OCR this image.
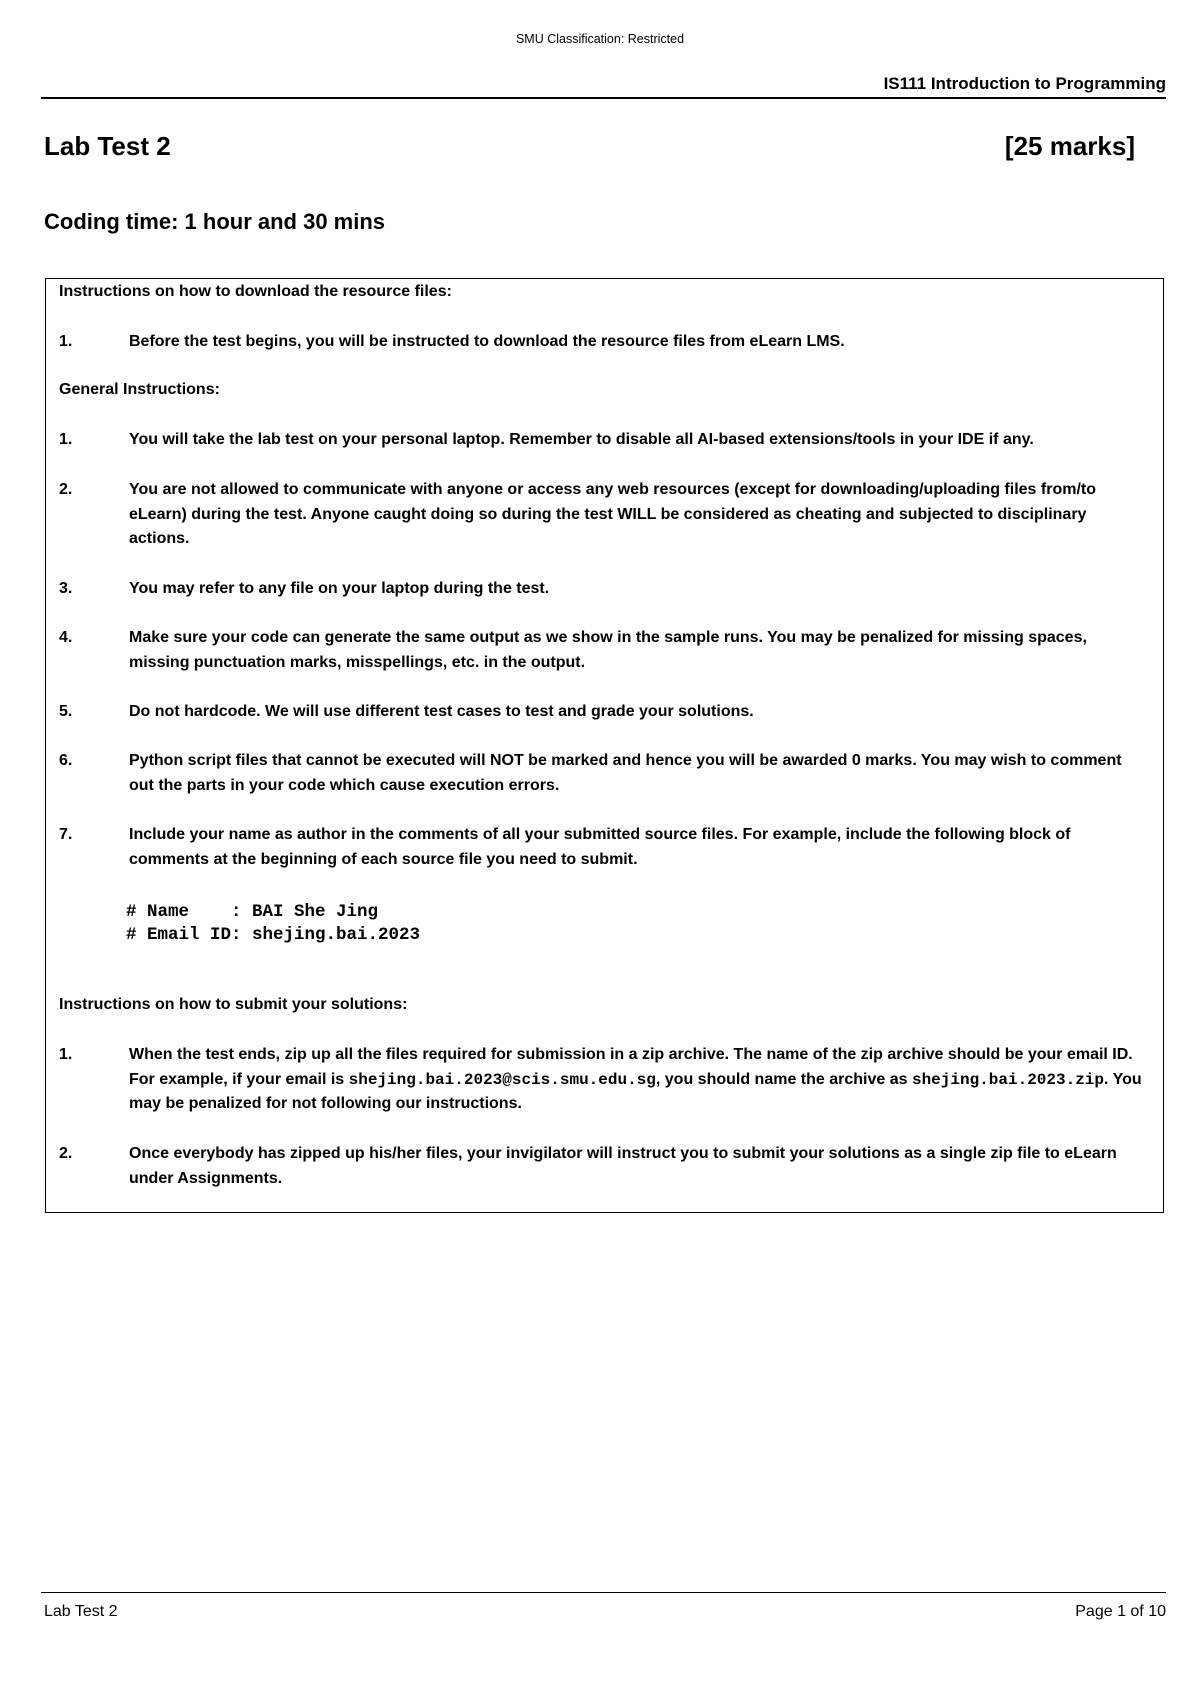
SMU Classification: Restricted
IS111 Introduction to Programming
Lab Test 2	[25 marks]
Coding time: 1 hour and 30 mins
Instructions on how to download the resource files:
1.	Before the test begins, you will be instructed to download the resource files from eLearn LMS.
General Instructions:
1.	You will take the lab test on your personal laptop. Remember to disable all AI-based extensions/tools in your IDE if any.
2.	You are not allowed to communicate with anyone or access any web resources (except for downloading/uploading files from/to eLearn) during the test. Anyone caught doing so during the test WILL be considered as cheating and subjected to disciplinary actions.
3.	You may refer to any file on your laptop during the test.
4.	Make sure your code can generate the same output as we show in the sample runs. You may be penalized for missing spaces, missing punctuation marks, misspellings, etc. in the output.
5.	Do not hardcode. We will use different test cases to test and grade your solutions.
6.	Python script files that cannot be executed will NOT be marked and hence you will be awarded 0 marks. You may wish to comment out the parts in your code which cause execution errors.
7.	Include your name as author in the comments of all your submitted source files. For example, include the following block of comments at the beginning of each source file you need to submit.
# Name    : BAI She Jing
# Email ID: shejing.bai.2023
Instructions on how to submit your solutions:
1.	When the test ends, zip up all the files required for submission in a zip archive. The name of the zip archive should be your email ID. For example, if your email is shejing.bai.2023@scis.smu.edu.sg, you should name the archive as shejing.bai.2023.zip. You may be penalized for not following our instructions.
2.	Once everybody has zipped up his/her files, your invigilator will instruct you to submit your solutions as a single zip file to eLearn under Assignments.
Lab Test 2	Page 1 of 10
